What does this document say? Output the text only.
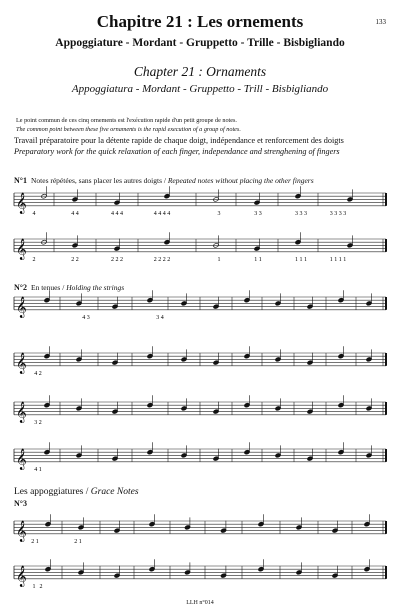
133
Chapitre 21 : Les ornements
Appoggiature - Mordant - Gruppetto - Trille - Bisbigliando
Chapter 21 : Ornaments
Appoggiatura - Mordant - Gruppetto - Trill - Bisbigliando
Le point commun de ces cinq ornements est l'exécution rapide d'un petit groupe de notes.
The common point between these five ornaments is the rapid execution of a group of notes.
Travail préparatoire pour la détente rapide de chaque doigt, indépendance et renforcement des doigts
Preparatory work for the quick relaxation of each finger, independance and strenghening of fingers
N°1 Notes répétées, sans placer les autres doigts / Repeated notes without placing the other fingers
N°2 En tenues / Holding the strings
Les appoggiatures / Grace Notes
N°3
𝄞 4	4 4	4 4 4	4 4 4 4	3	3 3	3 3 3	3 3 3 3
𝄞 2	2 2	2 2 2	2 2 2 2	1	1 1	1 1 1	1 1 1 1
𝄞	4 3	3 4
𝄞 4 2
𝄞 3 2
𝄞 4 1
𝄞 2 1	2 1
𝄞 1 2
LLH n°014
